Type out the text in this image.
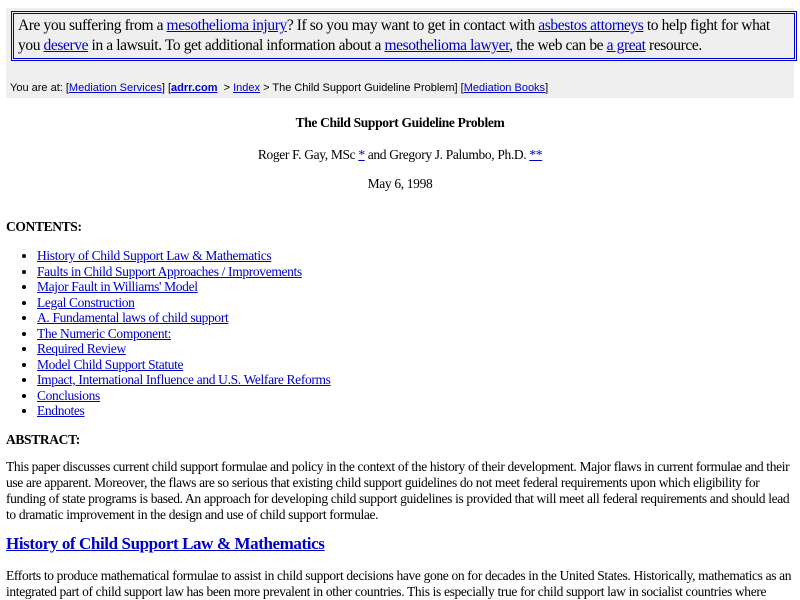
Are you suffering from a mesothelioma injury? If so you may want to get in contact with asbestos attorneys to help fight for what you deserve in a lawsuit. To get additional information about a mesothelioma lawyer, the web can be a great resource.
You are at: [Mediation Services] [adrr.com  > Index > The Child Support Guideline Problem] [Mediation Books]
The Child Support Guideline Problem
Roger F. Gay, MSc * and Gregory J. Palumbo, Ph.D. **
May 6, 1998
CONTENTS:
• History of Child Support Law & Mathematics
• Faults in Child Support Approaches / Improvements
• Major Fault in Williams' Model
• Legal Construction
• A. Fundamental laws of child support
• The Numeric Component:
• Required Review
• Model Child Support Statute
• Impact, International Influence and U.S. Welfare Reforms
• Conclusions
• Endnotes
ABSTRACT:
This paper discusses current child support formulae and policy in the context of the history of their development. Major flaws in current formulae and their use are apparent. Moreover, the flaws are so serious that existing child support guidelines do not meet federal requirements upon which eligibility for funding of state programs is based. An approach for developing child support guidelines is provided that will meet all federal requirements and should lead to dramatic improvement in the design and use of child support formulae.
History of Child Support Law & Mathematics
Efforts to produce mathematical formulae to assist in child support decisions have gone on for decades in the United States. Historically, mathematics as an integrated part of child support law has been more prevalent in other countries. This is especially true for child support law in socialist countries where
